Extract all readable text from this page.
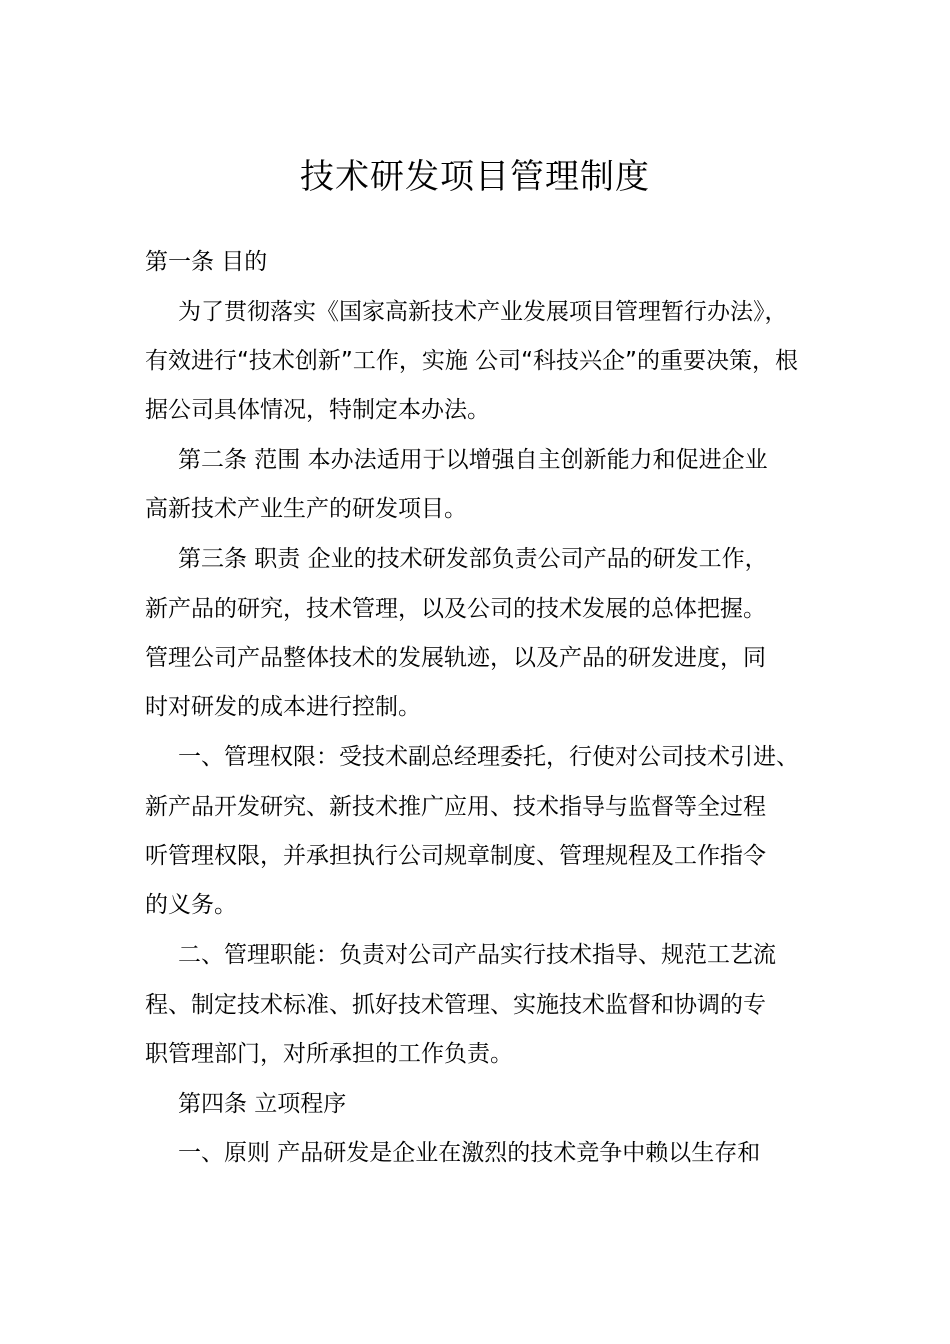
技术研发项目管理制度

第一条 目的

为了贯彻落实《国家高新技术产业发展项目管理暂行办法》，

有效进行“技术创新”工作，实施 公司“科技兴企”的重要决策，根

据公司具体情况，特制定本办法。

第二条 范围 本办法适用于以增强自主创新能力和促进企业

高新技术产业生产的研发项目。

第三条 职责 企业的技术研发部负责公司产品的研发工作，

新产品的研究，技术管理，以及公司的技术发展的总体把握。

管理公司产品整体技术的发展轨迹，以及产品的研发进度，同

时对研发的成本进行控制。

一、管理权限：受技术副总经理委托，行使对公司技术引进、

新产品开发研究、新技术推广应用、技术指导与监督等全过程

听管理权限，并承担执行公司规章制度、管理规程及工作指令

的义务。

二、管理职能：负责对公司产品实行技术指导、规范工艺流

程、制定技术标准、抓好技术管理、实施技术监督和协调的专

职管理部门，对所承担的工作负责。

第四条 立项程序

一、原则 产品研发是企业在激烈的技术竞争中赖以生存和
